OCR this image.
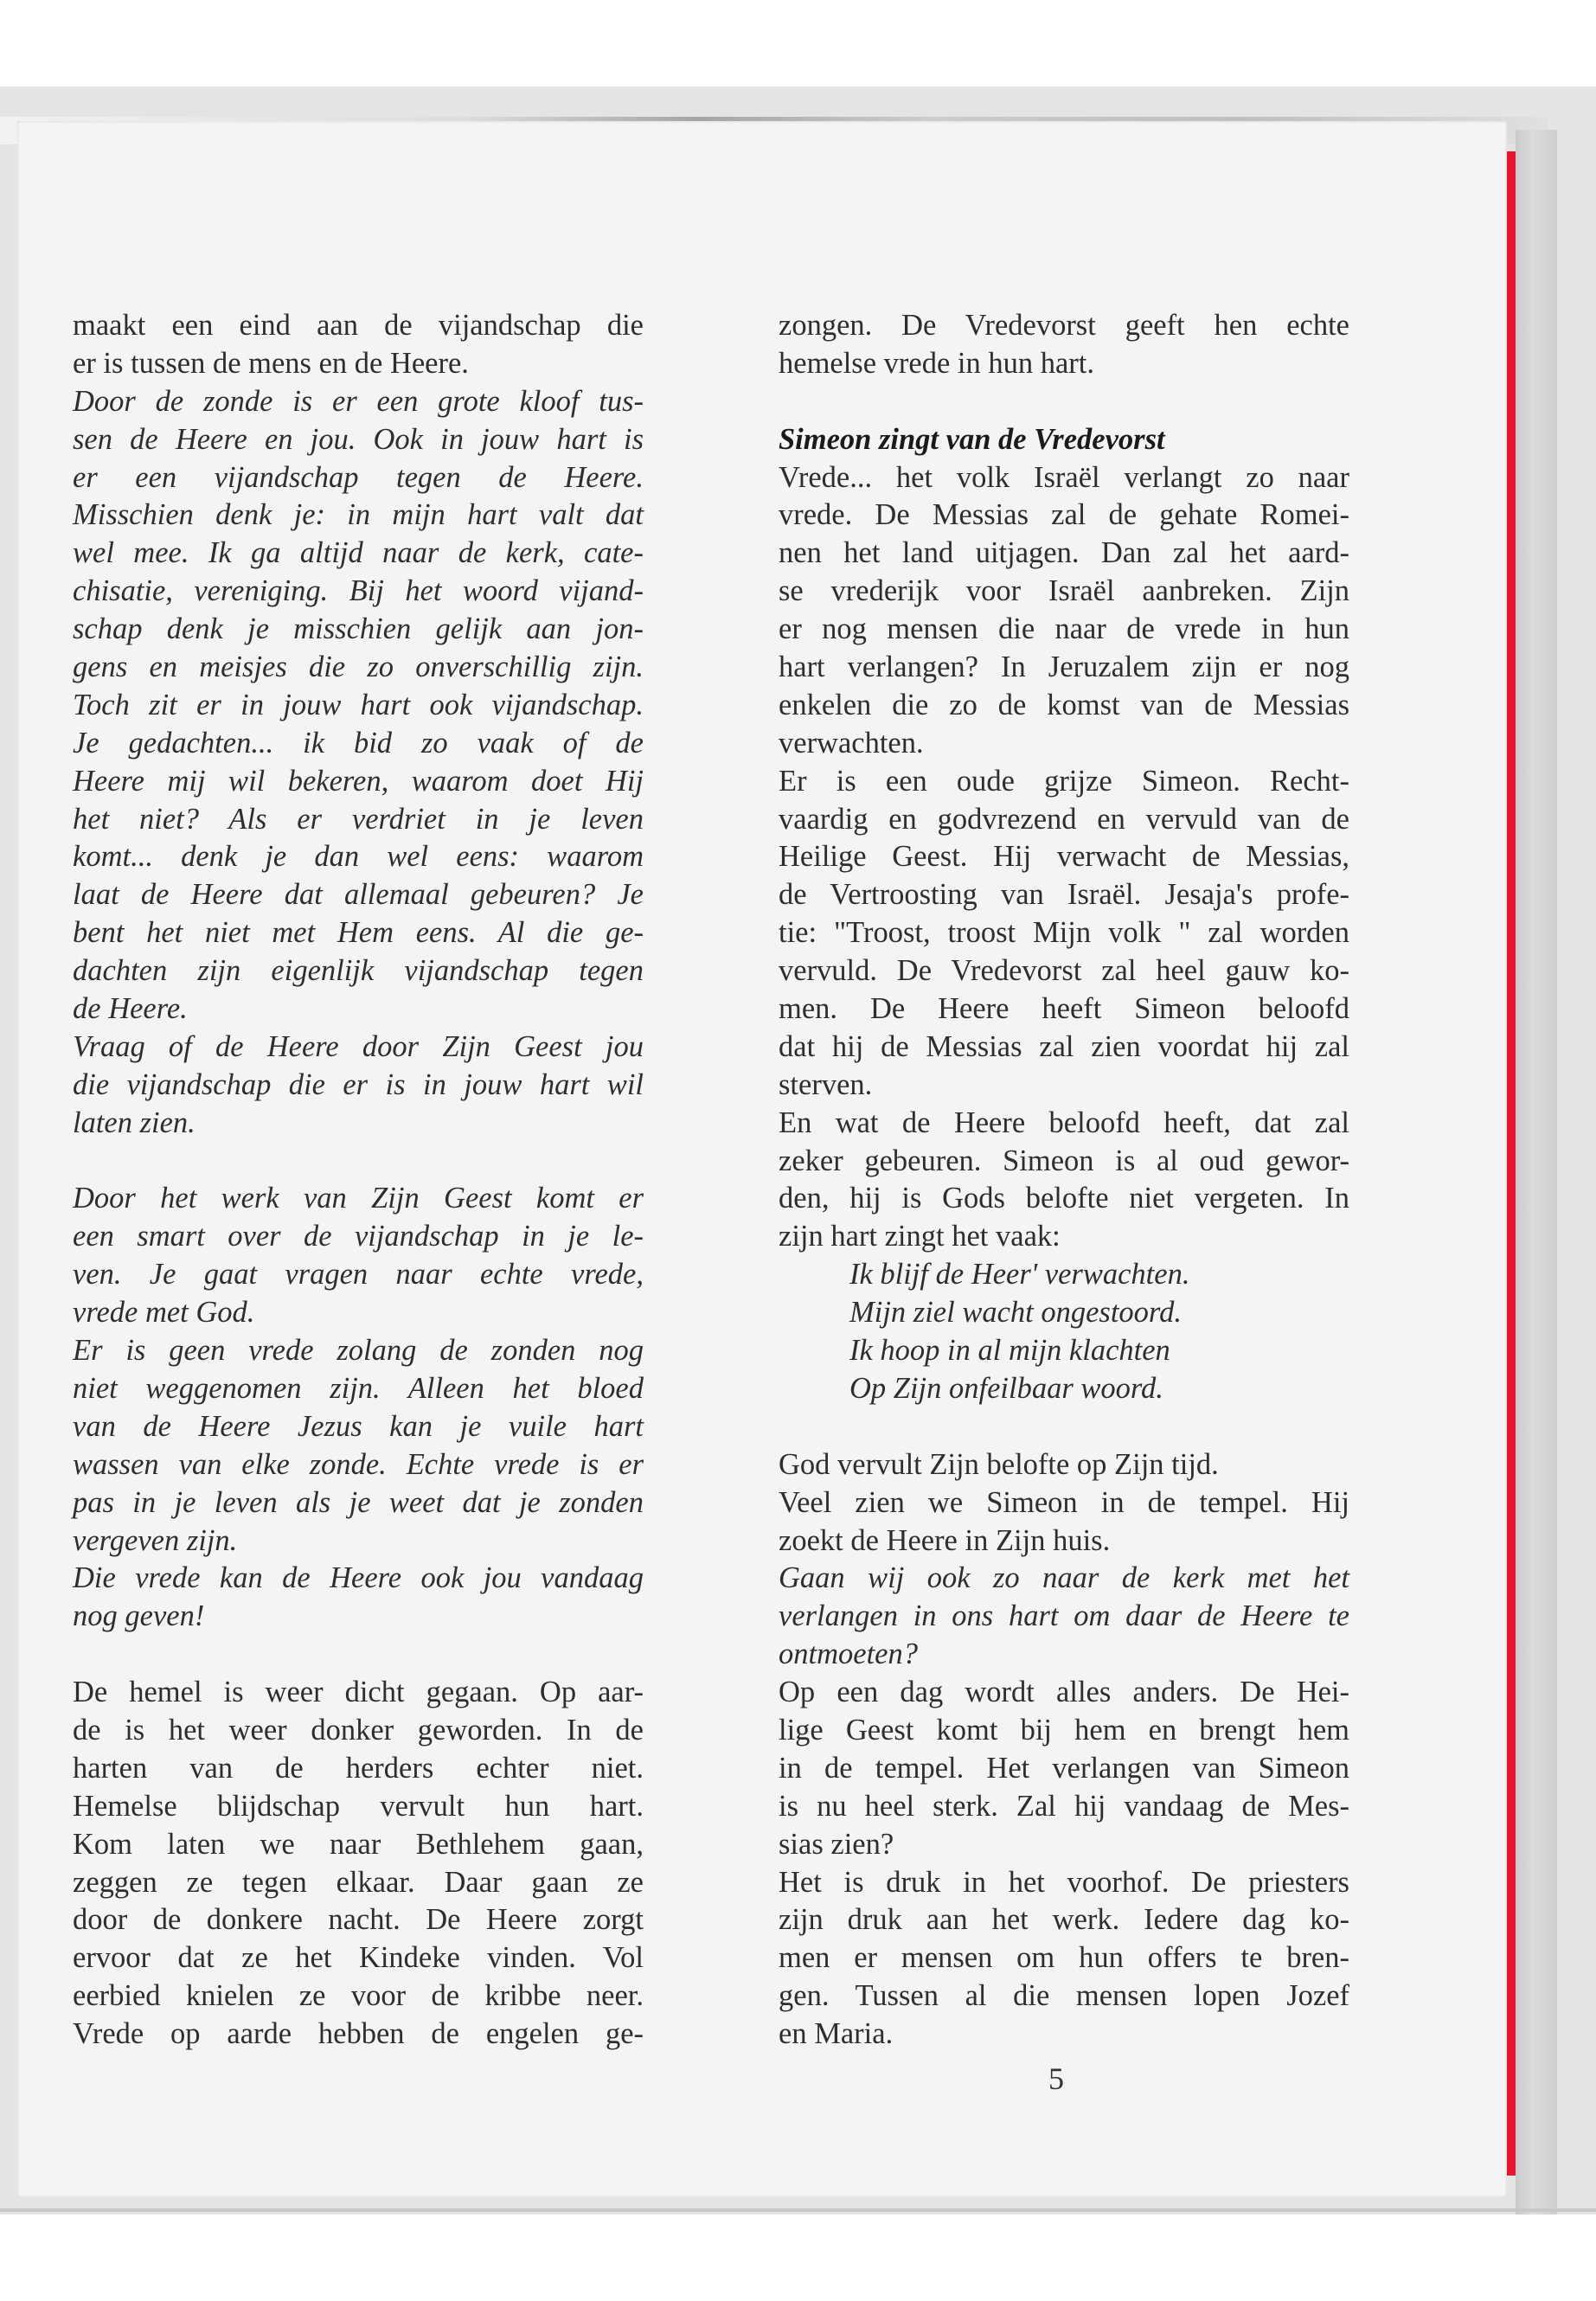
maakt een eind aan de vijandschap die
er is tussen de mens en de Heere.
Door de zonde is er een grote kloof tus-
sen de Heere en jou. Ook in jouw hart is
er een vijandschap tegen de Heere.
Misschien denk je: in mijn hart valt dat
wel mee. Ik ga altijd naar de kerk, cate-
chisatie, vereniging. Bij het woord vijand-
schap denk je misschien gelijk aan jon-
gens en meisjes die zo onverschillig zijn.
Toch zit er in jouw hart ook vijandschap.
Je gedachten... ik bid zo vaak of de
Heere mij wil bekeren, waarom doet Hij
het niet? Als er verdriet in je leven
komt... denk je dan wel eens: waarom
laat de Heere dat allemaal gebeuren? Je
bent het niet met Hem eens. Al die ge-
dachten zijn eigenlijk vijandschap tegen
de Heere.
Vraag of de Heere door Zijn Geest jou
die vijandschap die er is in jouw hart wil
laten zien.
Door het werk van Zijn Geest komt er
een smart over de vijandschap in je le-
ven. Je gaat vragen naar echte vrede,
vrede met God.
Er is geen vrede zolang de zonden nog
niet weggenomen zijn. Alleen het bloed
van de Heere Jezus kan je vuile hart
wassen van elke zonde. Echte vrede is er
pas in je leven als je weet dat je zonden
vergeven zijn.
Die vrede kan de Heere ook jou vandaag
nog geven!
De hemel is weer dicht gegaan. Op aar-
de is het weer donker geworden. In de
harten van de herders echter niet.
Hemelse blijdschap vervult hun hart.
Kom laten we naar Bethlehem gaan,
zeggen ze tegen elkaar. Daar gaan ze
door de donkere nacht. De Heere zorgt
ervoor dat ze het Kindeke vinden. Vol
eerbied knielen ze voor de kribbe neer.
Vrede op aarde hebben de engelen ge-
zongen. De Vredevorst geeft hen echte
hemelse vrede in hun hart.
Simeon zingt van de Vredevorst
Vrede... het volk Israël verlangt zo naar
vrede. De Messias zal de gehate Romei-
nen het land uitjagen. Dan zal het aard-
se vrederijk voor Israël aanbreken. Zijn
er nog mensen die naar de vrede in hun
hart verlangen? In Jeruzalem zijn er nog
enkelen die zo de komst van de Messias
verwachten.
Er is een oude grijze Simeon. Recht-
vaardig en godvrezend en vervuld van de
Heilige Geest. Hij verwacht de Messias,
de Vertroosting van Israël. Jesaja's profe-
tie: "Troost, troost Mijn volk " zal worden
vervuld. De Vredevorst zal heel gauw ko-
men. De Heere heeft Simeon beloofd
dat hij de Messias zal zien voordat hij zal
sterven.
En wat de Heere beloofd heeft, dat zal
zeker gebeuren. Simeon is al oud gewor-
den, hij is Gods belofte niet vergeten. In
zijn hart zingt het vaak:
Ik blijf de Heer' verwachten.
Mijn ziel wacht ongestoord.
Ik hoop in al mijn klachten
Op Zijn onfeilbaar woord.
God vervult Zijn belofte op Zijn tijd.
Veel zien we Simeon in de tempel. Hij
zoekt de Heere in Zijn huis.
Gaan wij ook zo naar de kerk met het
verlangen in ons hart om daar de Heere te
ontmoeten?
Op een dag wordt alles anders. De Hei-
lige Geest komt bij hem en brengt hem
in de tempel. Het verlangen van Simeon
is nu heel sterk. Zal hij vandaag de Mes-
sias zien?
Het is druk in het voorhof. De priesters
zijn druk aan het werk. Iedere dag ko-
men er mensen om hun offers te bren-
gen. Tussen al die mensen lopen Jozef
en Maria.
5
